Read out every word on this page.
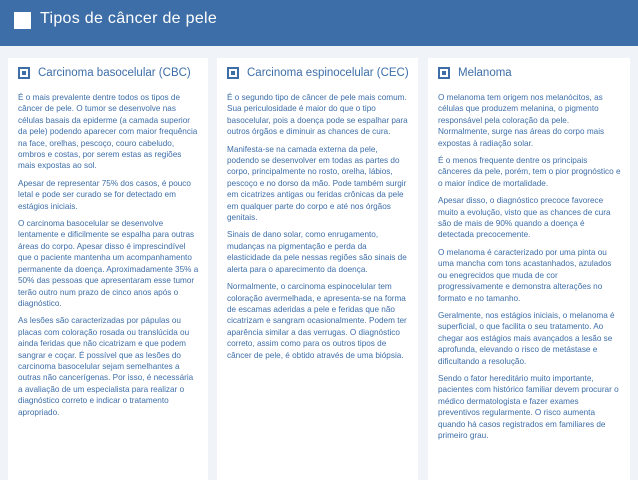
Tipos de câncer de pele
Carcinoma basocelular (CBC)

É o mais prevalente dentre todos os tipos de câncer de pele. O tumor se desenvolve nas células basais da epiderme (a camada superior da pele) podendo aparecer com maior frequência na face, orelhas, pescoço, couro cabeludo, ombros e costas, por serem estas as regiões mais expostas ao sol.

Apesar de representar 75% dos casos, é pouco letal e pode ser curado se for detectado em estágios iniciais.

O carcinoma basocelular se desenvolve lentamente e dificilmente se espalha para outras áreas do corpo. Apesar disso é imprescindível que o paciente mantenha um acompanhamento permanente da doença. Aproximadamente 35% a 50% das pessoas que apresentaram esse tumor terão outro num prazo de cinco anos após o diagnóstico.

As lesões são caracterizadas por pápulas ou placas com coloração rosada ou translúcida ou ainda feridas que não cicatrizam e que podem sangrar e coçar. É possível que as lesões do carcinoma basocelular sejam semelhantes a outras não cancerígenas. Por isso, é necessária a avaliação de um especialista para realizar o diagnóstico correto e indicar o tratamento apropriado.

Carcinoma espinocelular (CEC)

É o segundo tipo de câncer de pele mais comum. Sua periculosidade é maior do que o tipo basocelular, pois a doença pode se espalhar para outros órgãos e diminuir as chances de cura.

Manifesta-se na camada externa da pele, podendo se desenvolver em todas as partes do corpo, principalmente no rosto, orelha, lábios, pescoço e no dorso da mão. Pode também surgir em cicatrizes antigas ou feridas crônicas da pele em qualquer parte do corpo e até nos órgãos genitais.

Sinais de dano solar, como enrugamento, mudanças na pigmentação e perda da elasticidade da pele nessas regiões são sinais de alerta para o aparecimento da doença.

Normalmente, o carcinoma espinocelular tem coloração avermelhada, e apresenta-se na forma de escamas aderidas a pele e feridas que não cicatrizam e sangram ocasionalmente. Podem ter aparência similar a das verrugas. O diagnóstico correto, assim como para os outros tipos de câncer de pele, é obtido através de uma biópsia.

Melanoma

O melanoma tem origem nos melanócitos, as células que produzem melanina, o pigmento responsável pela coloração da pele. Normalmente, surge nas áreas do corpo mais expostas à radiação solar.

É o menos frequente dentre os principais cânceres da pele, porém, tem o pior prognóstico e o maior índice de mortalidade.

Apesar disso, o diagnóstico precoce favorece muito a evolução, visto que as chances de cura são de mais de 90% quando a doença é detectada precocemente.

O melanoma é caracterizado por uma pinta ou uma mancha com tons acastanhados, azulados ou enegrecidos que muda de cor progressivamente e demonstra alterações no formato e no tamanho.

Geralmente, nos estágios iniciais, o melanoma é superficial, o que facilita o seu tratamento. Ao chegar aos estágios mais avançados a lesão se aprofunda, elevando o risco de metástase e dificultando a resolução.

Sendo o fator hereditário muito importante, pacientes com histórico familiar devem procurar o médico dermatologista e fazer exames preventivos regularmente. O risco aumenta quando há casos registrados em familiares de primeiro grau.
